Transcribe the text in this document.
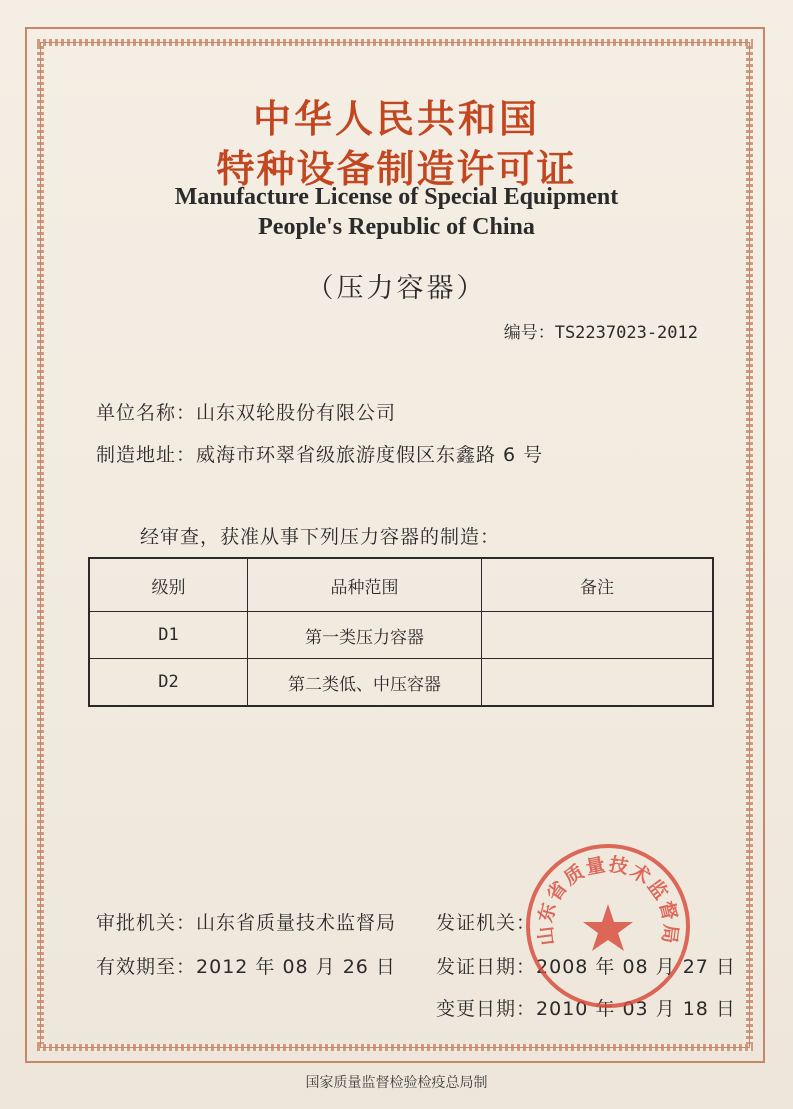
中华人民共和国
特种设备制造许可证
Manufacture License of Special Equipment
People's Republic of China
（压力容器）
编号：TS2237023-2012
单位名称：山东双轮股份有限公司
制造地址：威海市环翠省级旅游度假区东鑫路 6 号
经审查，获准从事下列压力容器的制造：
级别	品种范围	备注
D1	第一类压力容器	
D2	第二类低、中压容器	
审批机关：山东省质量技术监督局
有效期至：2012 年 08 月 26 日
发证机关：
发证日期：2008 年 08 月 27 日
变更日期：2010 年 03 月 18 日
山东省质量技术监督局
国家质量监督检验检疫总局制
